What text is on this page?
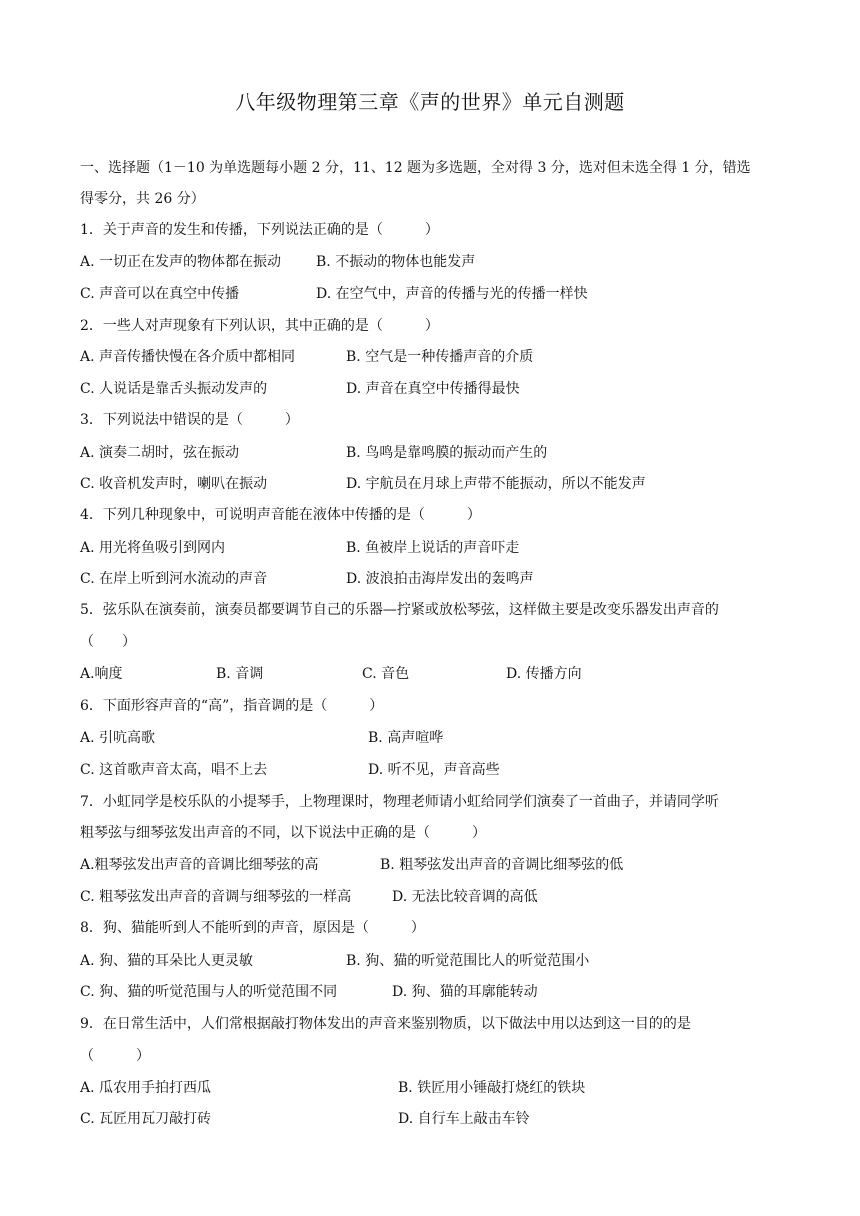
八年级物理第三章《声的世界》单元自测题
一、选择题（1－10 为单选题每小题 2 分，11、12 题为多选题，全对得 3 分，选对但未选全得 1 分，错选
得零分，共 26 分）
1．关于声音的发生和传播，下列说法正确的是（　　　）
A. 一切正在发声的物体都在振动 B. 不振动的物体也能发声
C. 声音可以在真空中传播	D. 在空气中，声音的传播与光的传播一样快
2．一些人对声现象有下列认识，其中正确的是（　　　）
A. 声音传播快慢在各介质中都相同	B. 空气是一种传播声音的介质
C. 人说话是靠舌头振动发声的	D. 声音在真空中传播得最快
3．下列说法中错误的是（　　　）
A. 演奏二胡时，弦在振动	B. 鸟鸣是靠鸣膜的振动而产生的
C. 收音机发声时，喇叭在振动	D. 宇航员在月球上声带不能振动，所以不能发声
4．下列几种现象中，可说明声音能在液体中传播的是（　　　）
A. 用光将鱼吸引到网内	B. 鱼被岸上说话的声音吓走
C. 在岸上听到河水流动的声音	D. 波浪拍击海岸发出的轰鸣声
5．弦乐队在演奏前，演奏员都要调节自己的乐器—拧紧或放松琴弦，这样做主要是改变乐器发出声音的
（　　）
A.响度	B. 音调	C. 音色	D. 传播方向
6．下面形容声音的“高”，指音调的是（　　　）
A. 引吭高歌	B. 高声喧哗
C. 这首歌声音太高，唱不上去	D. 听不见，声音高些
7．小虹同学是校乐队的小提琴手，上物理课时，物理老师请小虹给同学们演奏了一首曲子，并请同学听
粗琴弦与细琴弦发出声音的不同，以下说法中正确的是（　　　）
A.粗琴弦发出声音的音调比细琴弦的高	B. 粗琴弦发出声音的音调比细琴弦的低
C. 粗琴弦发出声音的音调与细琴弦的一样高	D. 无法比较音调的高低
8．狗、猫能听到人不能听到的声音，原因是（　　　）
A. 狗、猫的耳朵比人更灵敏	B. 狗、猫的听觉范围比人的听觉范围小
C. 狗、猫的听觉范围与人的听觉范围不同	D. 狗、猫的耳廓能转动
9．在日常生活中，人们常根据敲打物体发出的声音来鉴别物质，以下做法中用以达到这一目的的是
（　　　）
A. 瓜农用手拍打西瓜	B. 铁匠用小锤敲打烧红的铁块
C. 瓦匠用瓦刀敲打砖	D. 自行车上敲击车铃
